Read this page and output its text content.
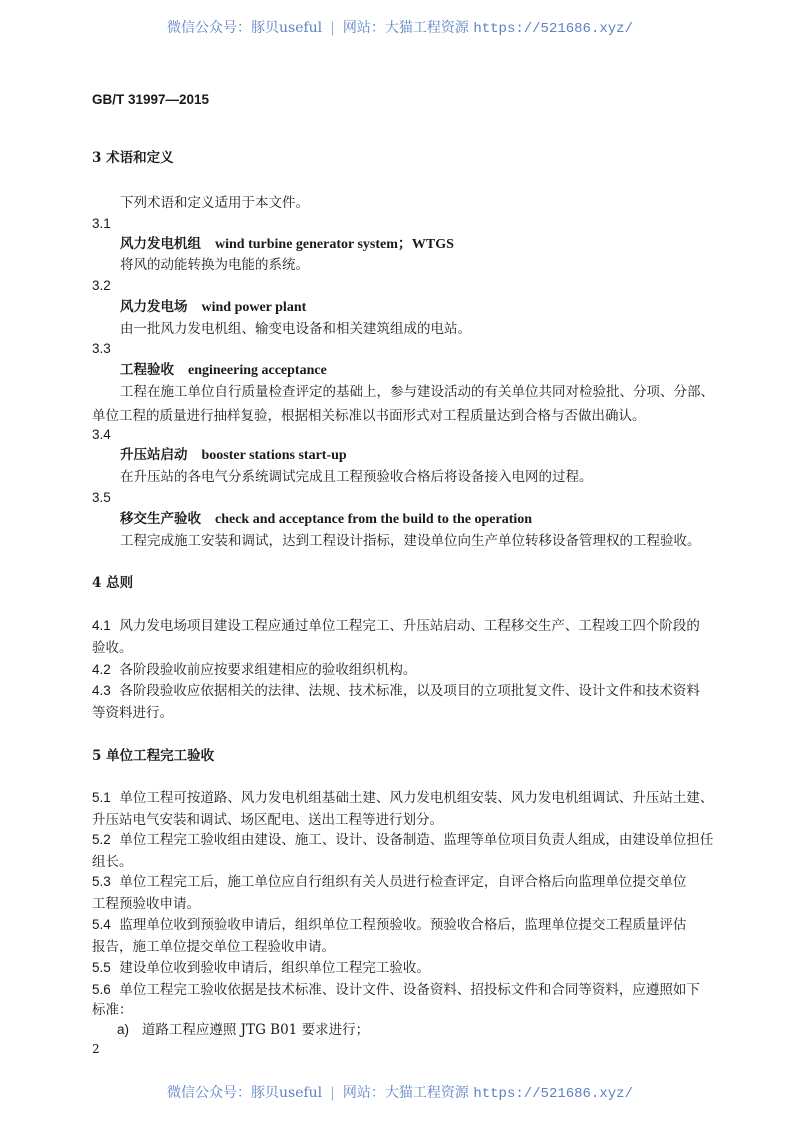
微信公众号：豚贝useful | 网站：大猫工程资源 https://521686.xyz/
GB/T 31997—2015
3 术语和定义
下列术语和定义适用于本文件。
3.1
风力发电机组 wind turbine generator system；WTGS
将风的动能转换为电能的系统。
3.2
风力发电场 wind power plant
由一批风力发电机组、输变电设备和相关建筑组成的电站。
3.3
工程验收 engineering acceptance
工程在施工单位自行质量检查评定的基础上，参与建设活动的有关单位共同对检验批、分项、分部、
单位工程的质量进行抽样复验，根据相关标准以书面形式对工程质量达到合格与否做出确认。
3.4
升压站启动 booster stations start-up
在升压站的各电气分系统调试完成且工程预验收合格后将设备接入电网的过程。
3.5
移交生产验收 check and acceptance from the build to the operation
工程完成施工安装和调试，达到工程设计指标，建设单位向生产单位转移设备管理权的工程验收。
4 总则
4.1 风力发电场项目建设工程应通过单位工程完工、升压站启动、工程移交生产、工程竣工四个阶段的
验收。
4.2 各阶段验收前应按要求组建相应的验收组织机构。
4.3 各阶段验收应依据相关的法律、法规、技术标准，以及项目的立项批复文件、设计文件和技术资料
等资料进行。
5 单位工程完工验收
5.1 单位工程可按道路、风力发电机组基础土建、风力发电机组安装、风力发电机组调试、升压站土建、
升压站电气安装和调试、场区配电、送出工程等进行划分。
5.2 单位工程完工验收组由建设、施工、设计、设备制造、监理等单位项目负责人组成，由建设单位担任
组长。
5.3 单位工程完工后，施工单位应自行组织有关人员进行检查评定，自评合格后向监理单位提交单位
工程预验收申请。
5.4 监理单位收到预验收申请后，组织单位工程预验收。预验收合格后，监理单位提交工程质量评估
报告，施工单位提交单位工程验收申请。
5.5 建设单位收到验收申请后，组织单位工程完工验收。
5.6 单位工程完工验收依据是技术标准、设计文件、设备资料、招投标文件和合同等资料，应遵照如下
标准：
a) 道路工程应遵照 JTG B01 要求进行；
2
微信公众号：豚贝useful | 网站：大猫工程资源 https://521686.xyz/
